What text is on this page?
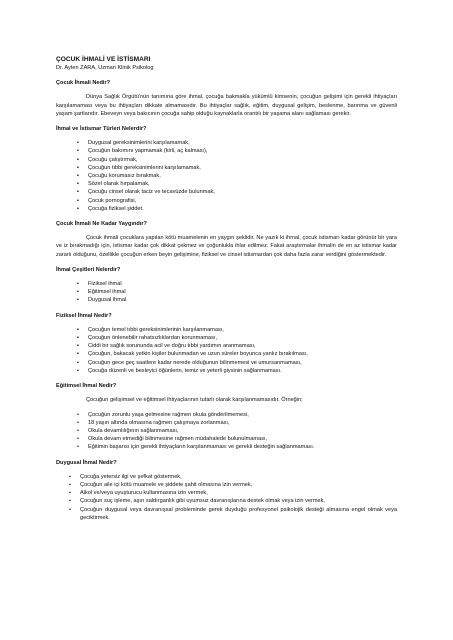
ÇOCUK İHMALİ VE İSTİSMARI

Dr. Ayten ZARA, Uzman Klinik Psikolog

Çocuk İhmali Nedir?

Dünya Sağlık Örgütü'nün tanımına göre ihmal, çocuğa bakmakla yükümlü kimsenin, çocuğun gelişimi için gerekli ihtiyaçları karşılamaması veya bu ihtiyaçları dikkate almamasıdır. Bu ihtiyaçlar sağlık, eğitim, duygusal gelişim, beslenme, barınma ve güvenli yaşam şartlarıdır. Ebeveyn veya bakıcının çocuğa sahip olduğu kaynaklarla orantılı bir yaşama alanı sağlaması gerekir.

İhmal ve İstismar Türleri Nelerdir?

▪
Duygusal gereksinimlerini karşılamamak,
▪
Çocuğun bakımını yapmamak (kirli, aç kalması),
▪
Çocuğu çalıştırmak,
▪
Çocuğun tıbbi gereksinimlerini karşılamamak,
▪
Çocuğu korumasız bırakmak,
▪
Sözel olarak hırpalamak,
▪
Çocuğu cinsel olarak taciz ve tecavüzde bulunmak,
▪
Çocuk pornografisi,
▪
Çocuğa fiziksel şiddet.

Çocuk İhmali Ne Kadar Yaygındır?

Çocuk ihmali çocuklara yapılan kötü muamelenin en yaygın şeklidir. Ne yazık ki ihmal, çocuk istismarı kadar görünür bir yara ve iz bırakmadığı için, istismar kadar çok dikkat çekmez ve çoğunlukla ihlar edilmez. Fakat araştırmalar ihmalin de en az istismar kadar zararlı olduğunu, özellikle çocuğun erken beyin gelişimine, fiziksel ve cinsel istismardan çok daha fazla zarar verdiğini göstermektedir.

İhmal Çeşitleri Nelerdir?

▪
Fiziksel ihmal
▪
Eğitimsel ihmal
▪
Duygusal ihmal

Fiziksel İhmal Nedir?

▪
Çocuğun temel tıbbi gereksinimlerinin karşılanmaması,
▪
Çocuğun önlenebilir rahatsızlıklardan korunmaması,
▪
Ciddi bir sağlık sorununda acil ve doğru tıbbi yardımın aranmaması,
▪
Çocuğun, bakacak yetkin kişiler bulunmadan ve uzun süreler boyunca yanlız bırakılması,
▪
Çocuğun gece geç saatlere kadar nerede olduğunun bilinmemesi ve umursanmaması,
▪
Çocuğa düzenli ve besleyici öğünlerin, temiz ve yeterli giysinin sağlanmaması.

Eğitimsel İhmal Nedir?

Çocuğun gelişimsel ve eğitimsel ihtiyaçlarının tutarlı olarak karşılanmamasıdır. Örneğin;

•
Çocuğun zorunlu yaşa gelmesine rağmen okula gönderilmemesi,
•
18 yaşın altında olmasına rağmen çalışmaya zorlanması,
•
Okula devamlılığının sağlanmaması,
•
Okula devam etmediği bilinmesine rağmen müdahalede bulunulmaması,
•
Eğitimin başarısı için gerekli ihtiyaçların karşılanmaması ve gerekli desteğin sağlanmaması.

Duygusal İhmal Nedir?

•
Çocuğa yetersiz ilgi ve şefkat göstermek,
•
Çocuğun aile içi kötü muamele ve şiddete şahit olmasına izin vermek,
•
Alkol ve/veya uyuşturucu kullanmasına izin vermek,
•
Çocuğun suç işleme, aşırı saldırganlık gibi uyumsuz davranışlarına destek olmak veya izin vermek,
•
Çocuğun duygusal veya davranışsal probleminde gerek duyduğu profesyonel psikolojik desteği almasına engel olmak veya geciktirmek.
